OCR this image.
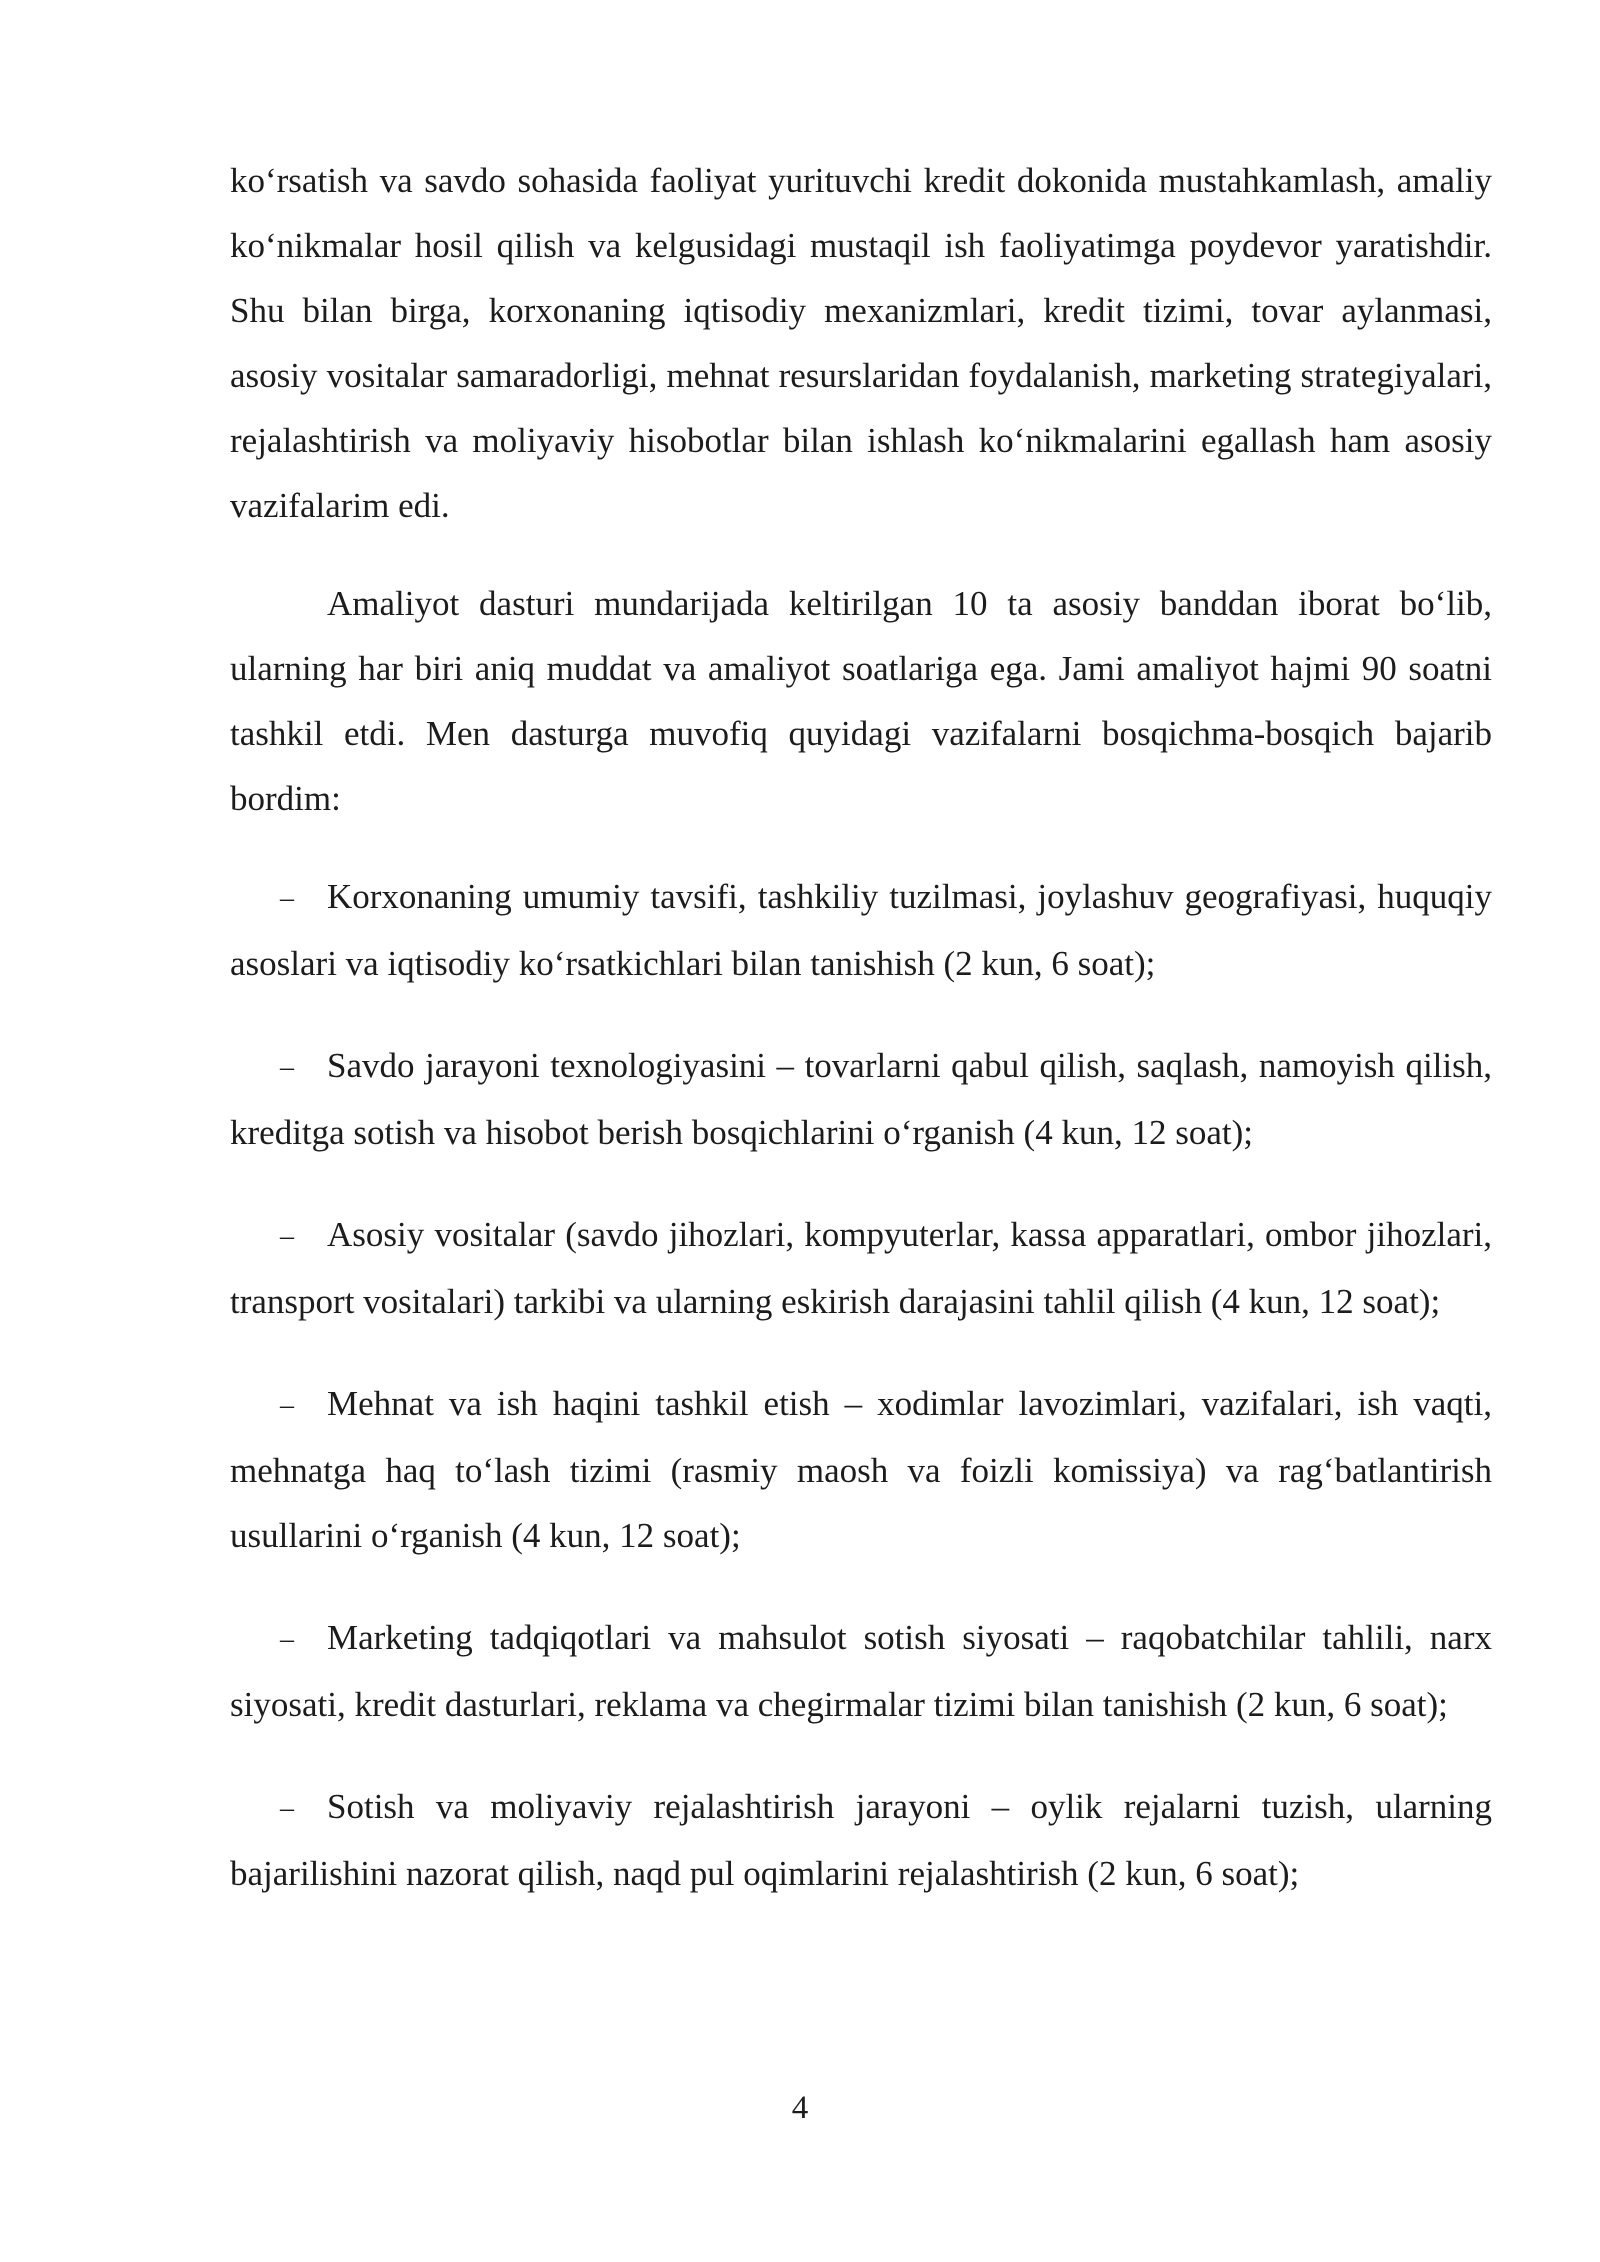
ko‘rsatish va savdo sohasida faoliyat yurituvchi kredit dokonida mustahkamlash, amaliy ko‘nikmalar hosil qilish va kelgusidagi mustaqil ish faoliyatimga poydevor yaratishdir. Shu bilan birga, korxonaning iqtisodiy mexanizmlari, kredit tizimi, tovar aylanmasi, asosiy vositalar samaradorligi, mehnat resurslaridan foydalanish, marketing strategiyalari, rejalashtirish va moliyaviy hisobotlar bilan ishlash ko‘nikmalarini egallash ham asosiy vazifalarim edi.

Amaliyot dasturi mundarijada keltirilgan 10 ta asosiy banddan iborat bo‘lib, ularning har biri aniq muddat va amaliyot soatlariga ega. Jami amaliyot hajmi 90 soatni tashkil etdi. Men dasturga muvofiq quyidagi vazifalarni bosqichma-bosqich bajarib bordim:

– Korxonaning umumiy tavsifi, tashkiliy tuzilmasi, joylashuv geografiyasi, huquqiy asoslari va iqtisodiy ko‘rsatkichlari bilan tanishish (2 kun, 6 soat);

– Savdo jarayoni texnologiyasini – tovarlarni qabul qilish, saqlash, namoyish qilish, kreditga sotish va hisobot berish bosqichlarini o‘rganish (4 kun, 12 soat);

– Asosiy vositalar (savdo jihozlari, kompyuterlar, kassa apparatlari, ombor jihozlari, transport vositalari) tarkibi va ularning eskirish darajasini tahlil qilish (4 kun, 12 soat);

– Mehnat va ish haqini tashkil etish – xodimlar lavozimlari, vazifalari, ish vaqti, mehnatga haq to‘lash tizimi (rasmiy maosh va foizli komissiya) va rag‘batlantirish usullarini o‘rganish (4 kun, 12 soat);

– Marketing tadqiqotlari va mahsulot sotish siyosati – raqobatchilar tahlili, narx siyosati, kredit dasturlari, reklama va chegirmalar tizimi bilan tanishish (2 kun, 6 soat);

– Sotish va moliyaviy rejalashtirish jarayoni – oylik rejalarni tuzish, ularning bajarilishini nazorat qilish, naqd pul oqimlarini rejalashtirish (2 kun, 6 soat);

4
